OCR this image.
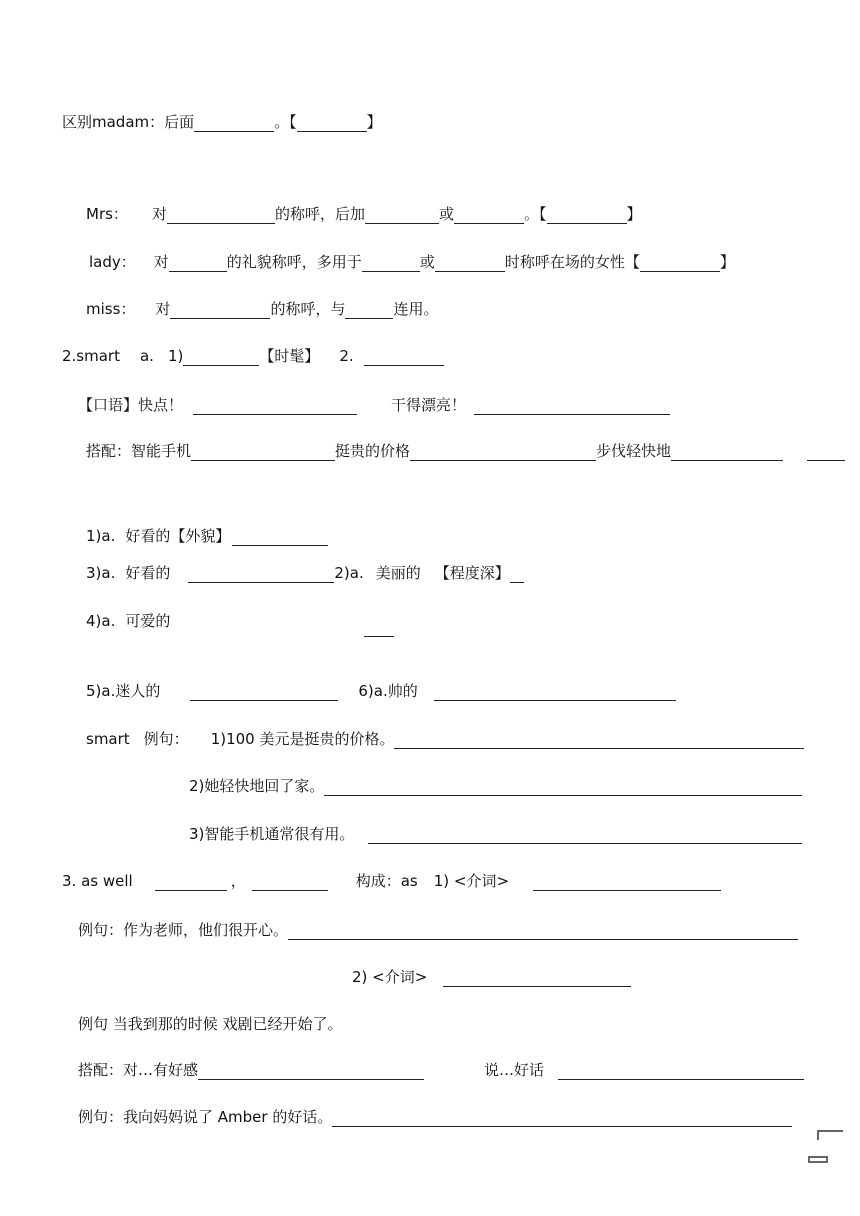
区别madam：后面	。【	】
Mrs： 对	的称呼，后加	或	。【	】
lady： 对	的礼貌称呼，多用于	或	时称呼在场的女性【	】
miss： 对	的称呼，与	连用。
2.smart a. 1)	【时髦】 2.
【口语】快点！	干得漂亮！
搭配：智能手机	挺贵的价格	步伐轻快地
1)a. 好看的【外貌】
3)a. 好看的	2)a. 美丽的 【程度深】
4)a. 可爱的
5)a.迷人的	6)a.帅的
smart 例句： 1)100 美元是挺贵的价格。
2)她轻快地回了家。
3)智能手机通常很有用。
3. as well	，	构成：as 1) <介词>
例句：作为老师，他们很开心。
2) <介词>
例句 当我到那的时候 戏剧已经开始了。
搭配：对…有好感	说…好话
例句：我向妈妈说了 Amber 的好话。
